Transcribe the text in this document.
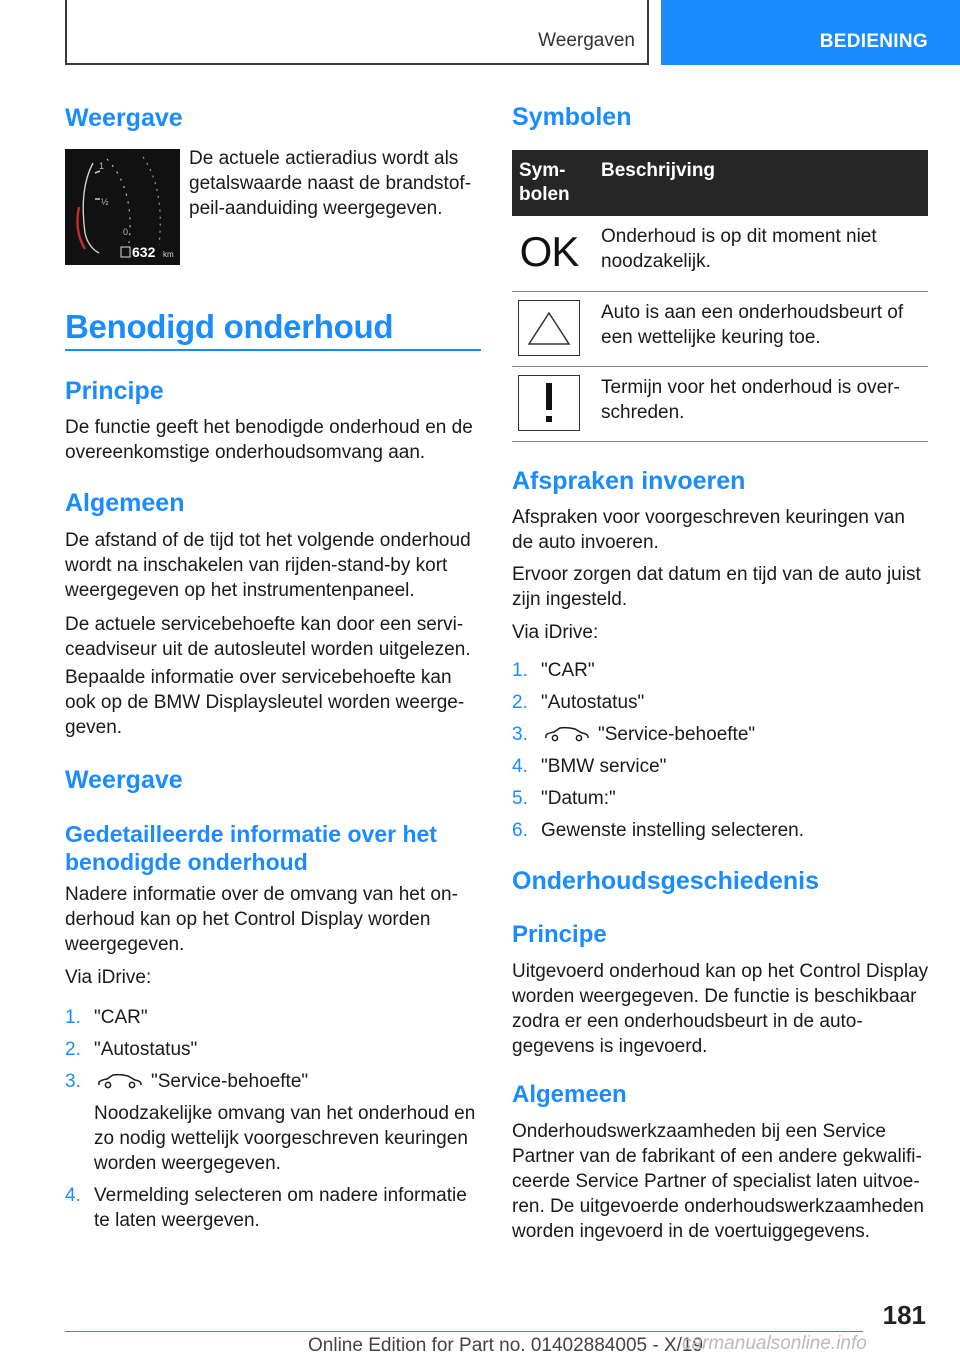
Weergaven	BEDIENING
Weergave
1
½
0
632 km
De actuele actieradius wordt als getalswaarde naast de brandstofpeil-aanduiding weergegeven.
Benodigd onderhoud
Principe
De functie geeft het benodigde onderhoud en de overeenkomstige onderhoudsomvang aan.
Algemeen
De afstand of de tijd tot het volgende onderhoud wordt na inschakelen van rijden-stand-by kort weergegeven op het instrumentenpaneel.
De actuele servicebehoefte kan door een serviceadviseur uit de autosleutel worden uitgelezen.
Bepaalde informatie over servicebehoefte kan ook op de BMW Displaysleutel worden weergegeven.
Weergave
Gedetailleerde informatie over het benodigde onderhoud
Nadere informatie over de omvang van het onderhoud kan op het Control Display worden weergegeven.
Via iDrive:
1. "CAR"
2. "Autostatus"
3.	"Service-behoefte"
Noodzakelijke omvang van het onderhoud en zo nodig wettelijk voorgeschreven keuringen worden weergegeven.
4. Vermelding selecteren om nadere informatie te laten weergeven.
Symbolen
Symbolen	Beschrijving

OK	Onderhoud is op dit moment niet noodzakelijk.

	Auto is aan een onderhoudsbeurt of een wettelijke keuring toe.

	Termijn voor het onderhoud is overschreden.
Afspraken invoeren
Afspraken voor voorgeschreven keuringen van de auto invoeren.
Ervoor zorgen dat datum en tijd van de auto juist zijn ingesteld.
Via iDrive:
1. "CAR"
2. "Autostatus"
3.	"Service-behoefte"
4. "BMW service"
5. "Datum:"
6. Gewenste instelling selecteren.
Onderhoudsgeschiedenis
Principe
Uitgevoerd onderhoud kan op het Control Display worden weergegeven. De functie is beschikbaar zodra er een onderhoudsbeurt in de autogegevens is ingevoerd.
Algemeen
Onderhoudswerkzaamheden bij een Service Partner van de fabrikant of een andere gekwalificeerde Service Partner of specialist laten uitvoeren. De uitgevoerde onderhoudswerkzaamheden worden ingevoerd in de voertuiggegevens.
181
Online Edition for Part no. 01402884005 - X/19
carmanualsonline.info
